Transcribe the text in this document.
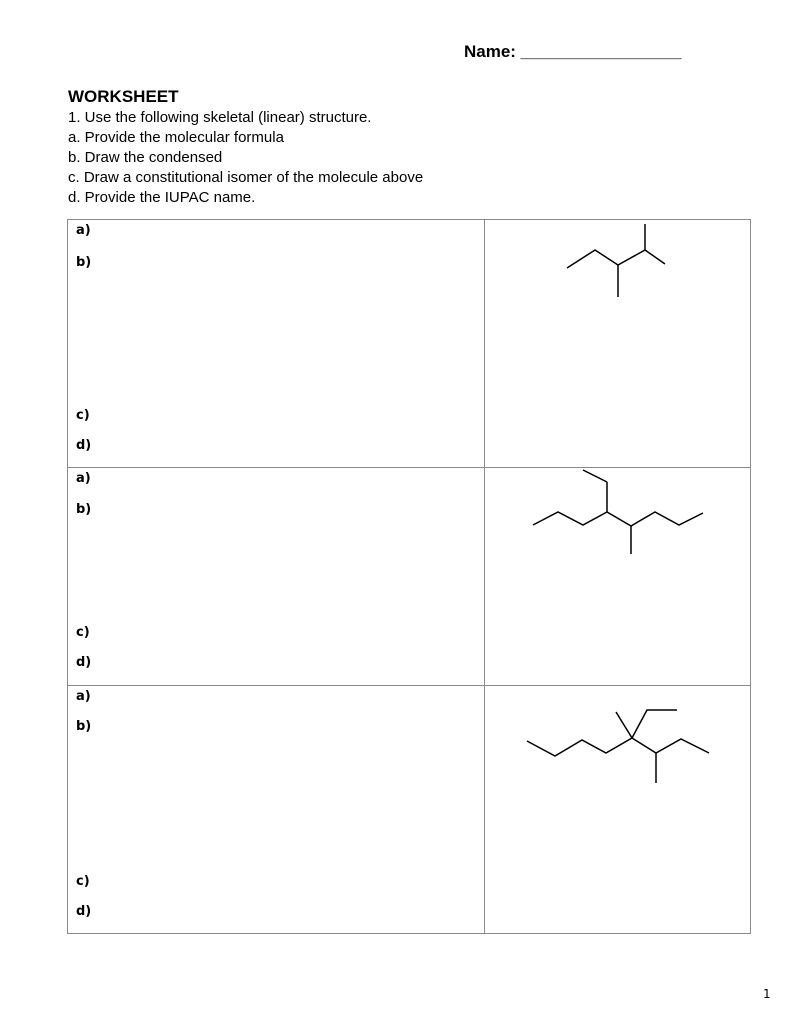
Name: _________________
WORKSHEET
1. Use the following skeletal (linear) structure.
a. Provide the molecular formula
b. Draw the condensed
c. Draw a constitutional isomer of the molecule above
d. Provide the IUPAC name.
a)
b)
c)
d)

a)
b)
c)
d)

a)
b)
c)
d)

1
